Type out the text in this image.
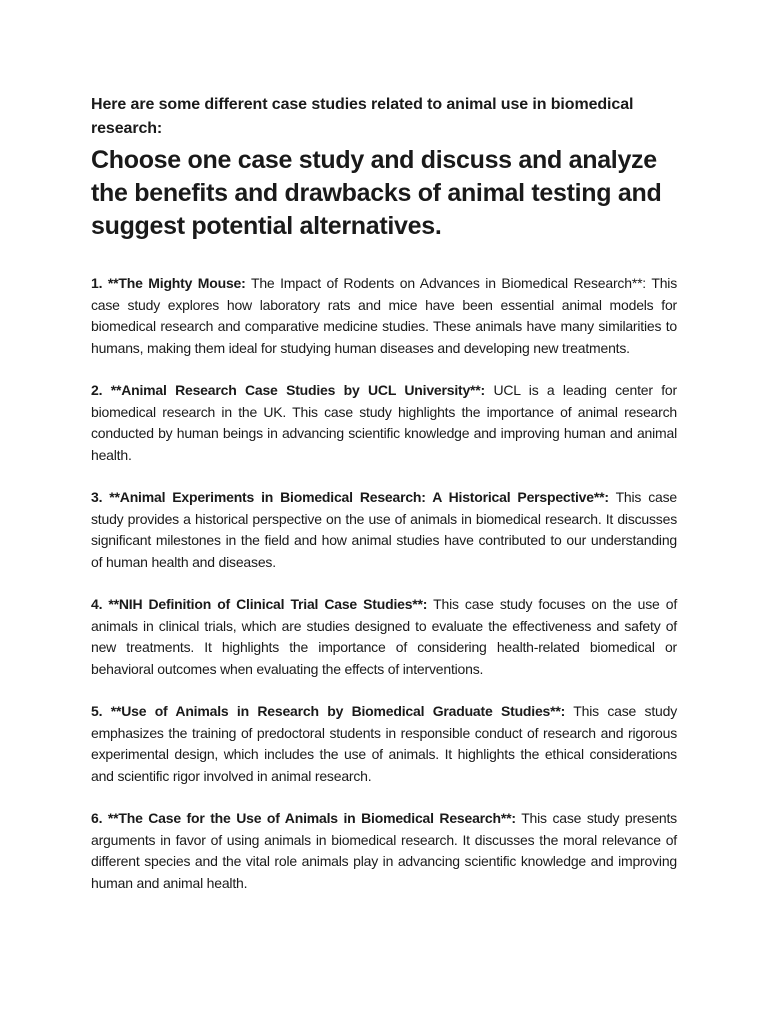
Here are some different case studies related to animal use in biomedical research:

Choose one case study and discuss and analyze the benefits and drawbacks of animal testing and suggest potential alternatives.

1. **The Mighty Mouse: The Impact of Rodents on Advances in Biomedical Research**: This case study explores how laboratory rats and mice have been essential animal models for biomedical research and comparative medicine studies. These animals have many similarities to humans, making them ideal for studying human diseases and developing new treatments.

2. **Animal Research Case Studies by UCL University**: UCL is a leading center for biomedical research in the UK. This case study highlights the importance of animal research conducted by human beings in advancing scientific knowledge and improving human and animal health.

3. **Animal Experiments in Biomedical Research: A Historical Perspective**: This case study provides a historical perspective on the use of animals in biomedical research. It discusses significant milestones in the field and how animal studies have contributed to our understanding of human health and diseases.

4. **NIH Definition of Clinical Trial Case Studies**: This case study focuses on the use of animals in clinical trials, which are studies designed to evaluate the effectiveness and safety of new treatments. It highlights the importance of considering health-related biomedical or behavioral outcomes when evaluating the effects of interventions.

5. **Use of Animals in Research by Biomedical Graduate Studies**: This case study emphasizes the training of predoctoral students in responsible conduct of research and rigorous experimental design, which includes the use of animals. It highlights the ethical considerations and scientific rigor involved in animal research.

6. **The Case for the Use of Animals in Biomedical Research**: This case study presents arguments in favor of using animals in biomedical research. It discusses the moral relevance of different species and the vital role animals play in advancing scientific knowledge and improving human and animal health.
